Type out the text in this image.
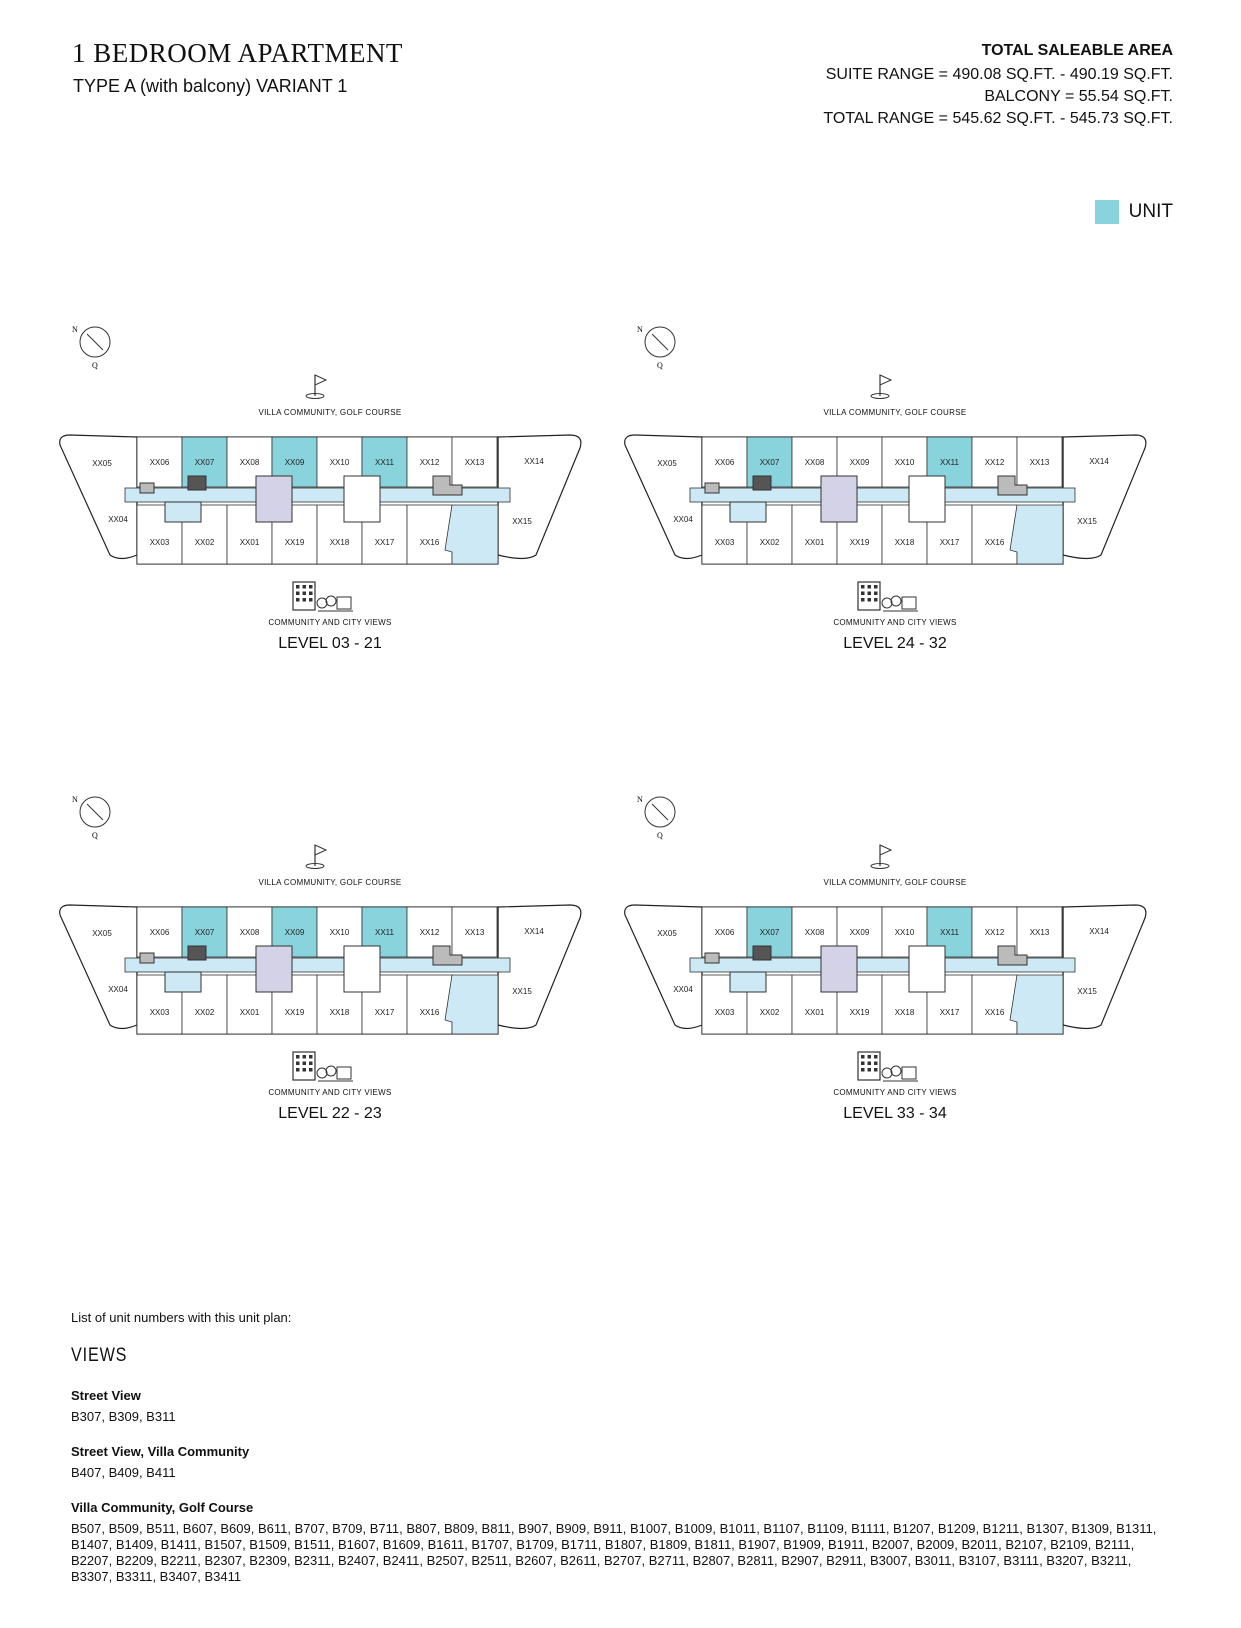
1 BEDROOM APARTMENT
TYPE A (with balcony) VARIANT 1
TOTAL SALEABLE AREA
SUITE RANGE = 490.08 SQ.FT. - 490.19 SQ.FT.
BALCONY = 55.54 SQ.FT.
TOTAL RANGE = 545.62 SQ.FT. - 545.73 SQ.FT.
UNIT
N
Q
XX06	XX07	XX08	XX09	XX10	XX11	XX12	XX13
XX03	XX02	XX01	XX19	XX18	XX17	XX16
XX05
XX04
XX14
XX15
VILLA COMMUNITY, GOLF COURSE
COMMUNITY AND CITY VIEWS
LEVEL 03 - 21
N
Q
XX06	XX07	XX08	XX09	XX10	XX11	XX12	XX13
XX03	XX02	XX01	XX19	XX18	XX17	XX16
XX05
XX04
XX14
XX15
VILLA COMMUNITY, GOLF COURSE
COMMUNITY AND CITY VIEWS
LEVEL 24 - 32
N
Q
XX06	XX07	XX08	XX09	XX10	XX11	XX12	XX13
XX03	XX02	XX01	XX19	XX18	XX17	XX16
XX05
XX04
XX14
XX15
VILLA COMMUNITY, GOLF COURSE
COMMUNITY AND CITY VIEWS
LEVEL 22 - 23
N
Q
XX06	XX07	XX08	XX09	XX10	XX11	XX12	XX13
XX03	XX02	XX01	XX19	XX18	XX17	XX16
XX05
XX04
XX14
XX15
VILLA COMMUNITY, GOLF COURSE
COMMUNITY AND CITY VIEWS
LEVEL 33 - 34
List of unit numbers with this unit plan:
VIEWS
Street View
B307, B309, B311
Street View, Villa Community
B407, B409, B411
Villa Community, Golf Course
B507, B509, B511, B607, B609, B611, B707, B709, B711, B807, B809, B811, B907, B909, B911, B1007, B1009, B1011, B1107, B1109, B1111, B1207, B1209, B1211, B1307, B1309, B1311, B1407, B1409, B1411, B1507, B1509, B1511, B1607, B1609, B1611, B1707, B1709, B1711, B1807, B1809, B1811, B1907, B1909, B1911, B2007, B2009, B2011, B2107, B2109, B2111, B2207, B2209, B2211, B2307, B2309, B2311, B2407, B2411, B2507, B2511, B2607, B2611, B2707, B2711, B2807, B2811, B2907, B2911, B3007, B3011, B3107, B3111, B3207, B3211, B3307, B3311, B3407, B3411
